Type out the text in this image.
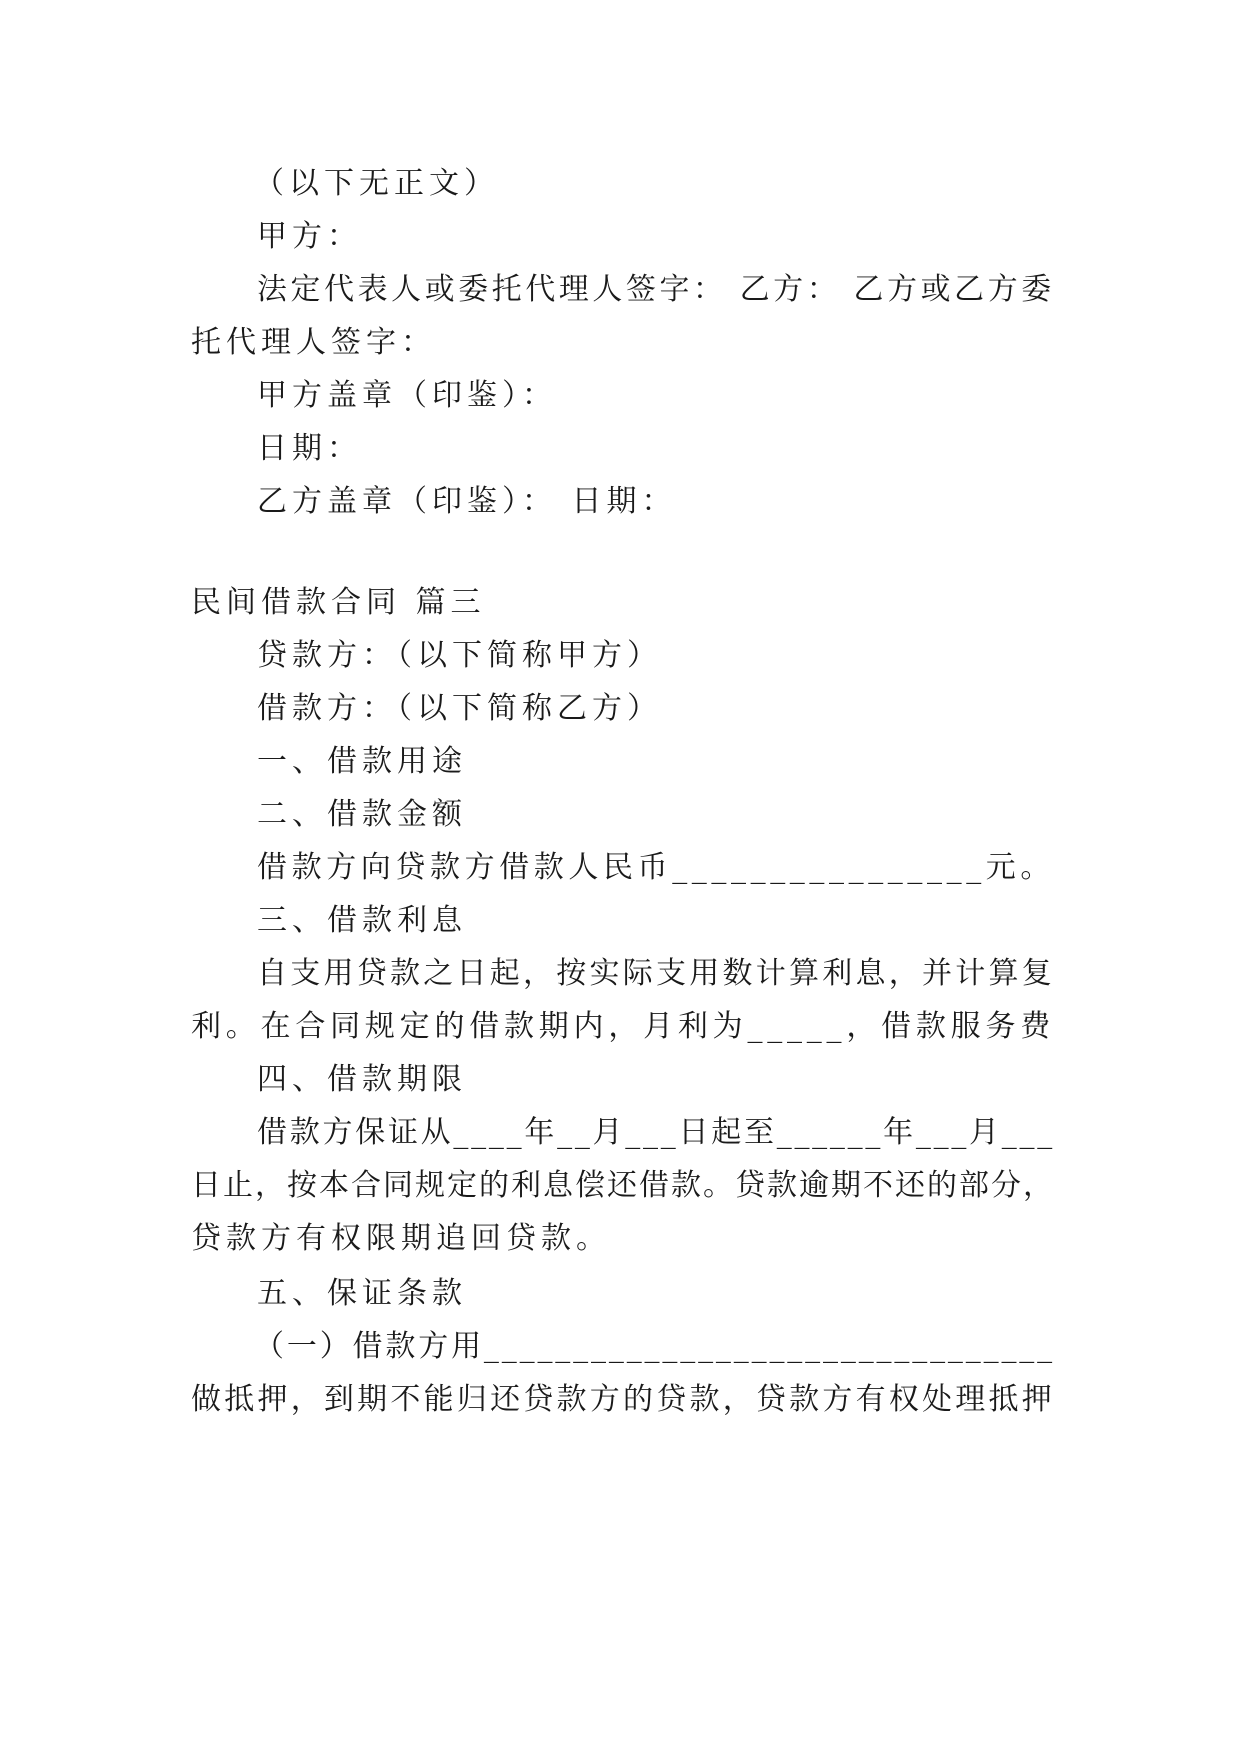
（以下无正文）
甲方：
法定代表人或委托代理人签字： 乙方： 乙方或乙方委
托代理人签字：
甲方盖章（印鉴）：
日期：
乙方盖章（印鉴）： 日期：
民间借款合同 篇三
贷款方：（以下简称甲方）
借款方：（以下简称乙方）
一、借款用途
二、借款金额
借款方向贷款方借款人民币________________元。
三、借款利息
自支用贷款之日起，按实际支用数计算利息，并计算复
利。在合同规定的借款期内，月利为_____，借款服务费
四、借款期限
借款方保证从____年__月___日起至______年___月___
日止，按本合同规定的利息偿还借款。贷款逾期不还的部分，
贷款方有权限期追回贷款。
五、保证条款
（一）借款方用________________________________
做抵押，到期不能归还贷款方的贷款，贷款方有权处理抵押
